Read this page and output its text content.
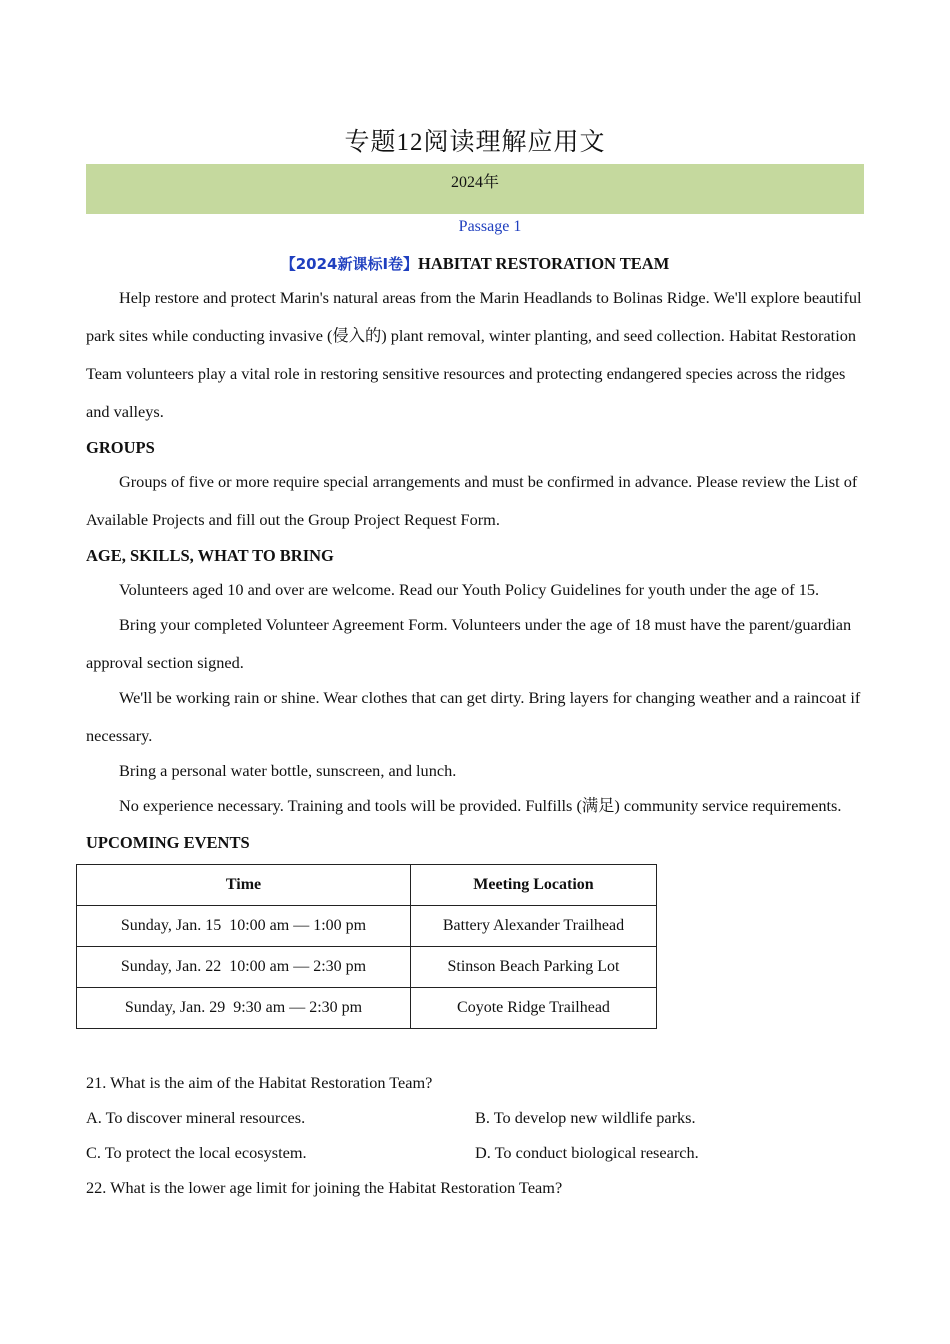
专题12阅读理解应用文
2024年
Passage 1
【2024新课标Ⅰ卷】HABITAT RESTORATION TEAM
Help restore and protect Marin's natural areas from the Marin Headlands to Bolinas Ridge. We'll explore beautiful park sites while conducting invasive (侵入的) plant removal, winter planting, and seed collection. Habitat Restoration Team volunteers play a vital role in restoring sensitive resources and protecting endangered species across the ridges and valleys.
GROUPS
Groups of five or more require special arrangements and must be confirmed in advance. Please review the List of Available Projects and fill out the Group Project Request Form.
AGE, SKILLS, WHAT TO BRING
Volunteers aged 10 and over are welcome. Read our Youth Policy Guidelines for youth under the age of 15.
Bring your completed Volunteer Agreement Form. Volunteers under the age of 18 must have the parent/guardian approval section signed.
We'll be working rain or shine. Wear clothes that can get dirty. Bring layers for changing weather and a raincoat if necessary.
Bring a personal water bottle, sunscreen, and lunch.
No experience necessary. Training and tools will be provided. Fulfills (满足) community service requirements.
UPCOMING EVENTS
Time	Meeting Location
Sunday, Jan. 15  10:00 am — 1:00 pm	Battery Alexander Trailhead
Sunday, Jan. 22  10:00 am — 2:30 pm	Stinson Beach Parking Lot
Sunday, Jan. 29  9:30 am — 2:30 pm	Coyote Ridge Trailhead
21. What is the aim of the Habitat Restoration Team?
A. To discover mineral resources.	B. To develop new wildlife parks.
C. To protect the local ecosystem.	D. To conduct biological research.
22. What is the lower age limit for joining the Habitat Restoration Team?
